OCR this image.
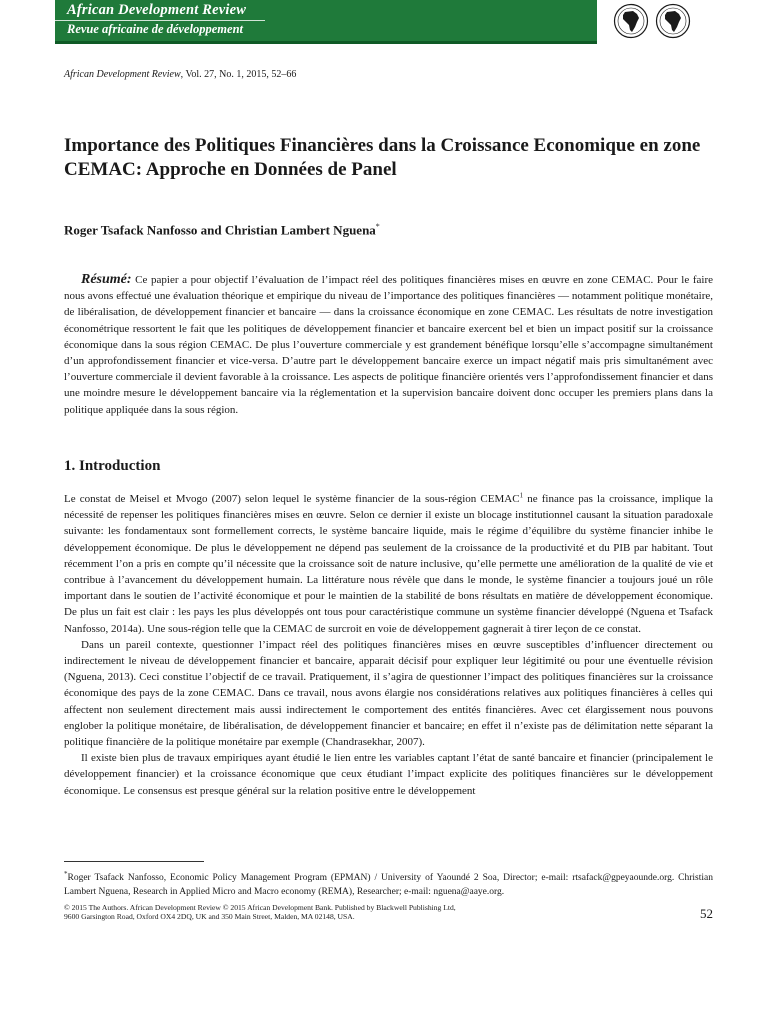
African Development Review
Revue africaine de développement
African Development Review, Vol. 27, No. 1, 2015, 52–66
Importance des Politiques Financières dans la Croissance Economique en zone CEMAC: Approche en Données de Panel
Roger Tsafack Nanfosso and Christian Lambert Nguena*
Résumé: Ce papier a pour objectif l’évaluation de l’impact réel des politiques financières mises en œuvre en zone CEMAC. Pour le faire nous avons effectué une évaluation théorique et empirique du niveau de l’importance des politiques financières — notamment politique monétaire, de libéralisation, de développement financier et bancaire — dans la croissance économique en zone CEMAC. Les résultats de notre investigation économétrique ressortent le fait que les politiques de développement financier et bancaire exercent bel et bien un impact positif sur la croissance économique dans la sous région CEMAC. De plus l’ouverture commerciale y est grandement bénéfique lorsqu’elle s’accompagne simultanément d’un approfondissement financier et vice-versa. D’autre part le développement bancaire exerce un impact négatif mais pris simultanément avec l’ouverture commerciale il devient favorable à la croissance. Les aspects de politique financière orientés vers l’approfondissement financier et dans une moindre mesure le développement bancaire via la réglementation et la supervision bancaire doivent donc occuper les premiers plans dans la politique appliquée dans la sous région.
1. Introduction

Le constat de Meisel et Mvogo (2007) selon lequel le système financier de la sous-région CEMAC$^1$ ne finance pas la croissance, implique la nécessité de repenser les politiques financières mises en œuvre. Selon ce dernier il existe un blocage institutionnel causant la situation paradoxale suivante: les fondamentaux sont formellement corrects, le système bancaire liquide, mais le régime d’équilibre du système financier inhibe le développement économique. De plus le développement ne dépend pas seulement de la croissance de la productivité et du PIB par habitant. Tout récemment l’on a pris en compte qu’il nécessite que la croissance soit de nature inclusive, qu’elle permette une amélioration de la qualité de vie et contribue à l’avancement du développement humain. La littérature nous révèle que dans le monde, le système financier a toujours joué un rôle important dans le soutien de l’activité économique et pour le maintien de la stabilité de bons résultats en matière de développement économique. De plus un fait est clair : les pays les plus développés ont tous pour caractéristique commune un système financier développé (Nguena et Tsafack Nanfosso, 2014a). Une sous-région telle que la CEMAC de surcroit en voie de développement gagnerait à tirer leçon de ce constat.

Dans un pareil contexte, questionner l’impact réel des politiques financières mises en œuvre susceptibles d’influencer directement ou indirectement le niveau de développement financier et bancaire, apparait décisif pour expliquer leur légitimité ou pour une éventuelle révision (Nguena, 2013). Ceci constitue l’objectif de ce travail. Pratiquement, il s’agira de questionner l’impact des politiques financières sur la croissance économique des pays de la zone CEMAC. Dans ce travail, nous avons élargie nos considérations relatives aux politiques financières à celles qui affectent non seulement directement mais aussi indirectement le comportement des entités financières. Avec cet élargissement nous pouvons englober la politique monétaire, de libéralisation, de développement financier et bancaire; en effet il n’existe pas de délimitation nette séparant la politique financière de la politique monétaire par exemple (Chandrasekhar, 2007).

Il existe bien plus de travaux empiriques ayant étudié le lien entre les variables captant l’état de santé bancaire et financier (principalement le développement financier) et la croissance économique que ceux étudiant l’impact explicite des politiques financières sur le développement économique. Le consensus est presque général sur la relation positive entre le développement

*Roger Tsafack Nanfosso, Economic Policy Management Program (EPMAN) / University of Yaoundé 2 Soa, Director; e-mail: rtsafack@gpeyaounde.org. Christian Lambert Nguena, Research in Applied Micro and Macro economy (REMA), Researcher; e-mail: nguena@aaye.org.
© 2015 The Authors. African Development Review © 2015 African Development Bank. Published by Blackwell Publishing Ltd,
9600 Garsington Road, Oxford OX4 2DQ, UK and 350 Main Street, Malden, MA 02148, USA.	52
